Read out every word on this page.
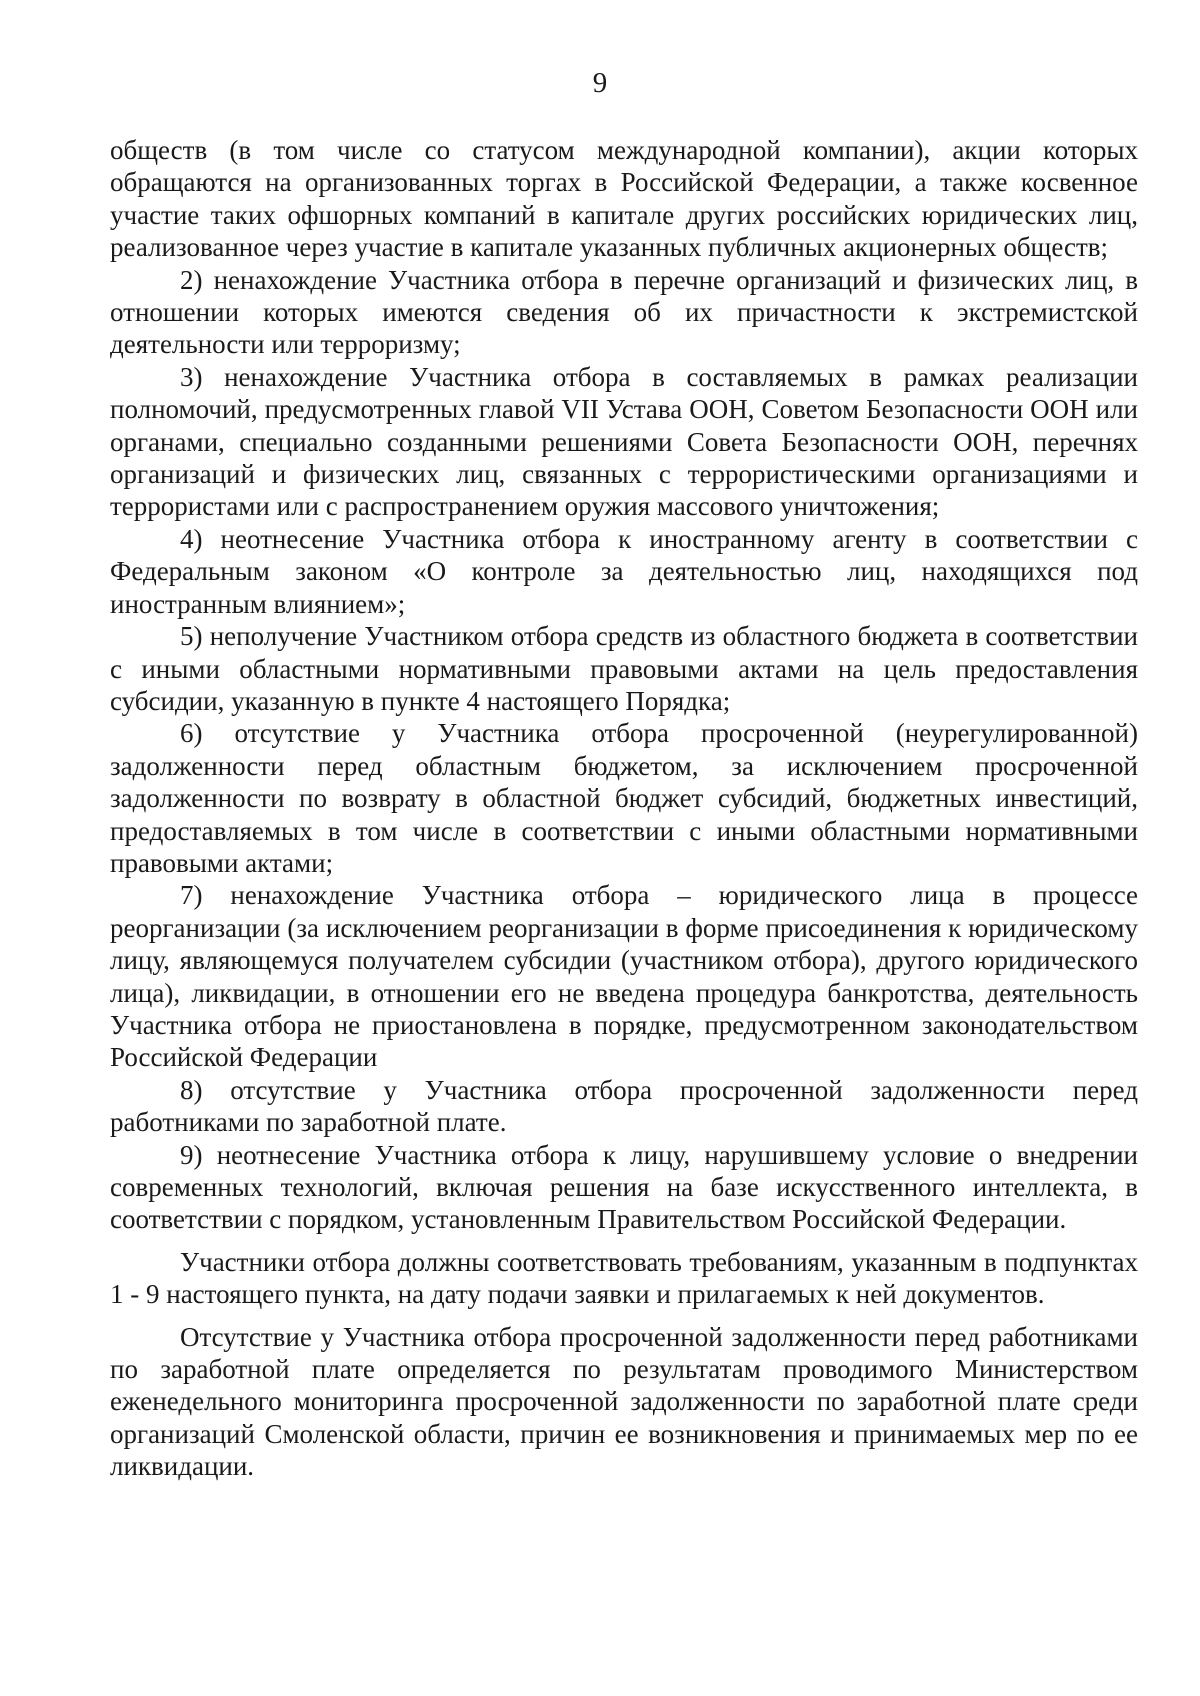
9

обществ (в том числе со статусом международной компании), акции которых обращаются на организованных торгах в Российской Федерации, а также косвенное участие таких офшорных компаний в капитале других российских юридических лиц, реализованное через участие в капитале указанных публичных акционерных обществ;

2) ненахождение Участника отбора в перечне организаций и физических лиц, в отношении которых имеются сведения об их причастности к экстремистской деятельности или терроризму;

3) ненахождение Участника отбора в составляемых в рамках реализации полномочий, предусмотренных главой VII Устава ООН, Советом Безопасности ООН или органами, специально созданными решениями Совета Безопасности ООН, перечнях организаций и физических лиц, связанных с террористическими организациями и террористами или с распространением оружия массового уничтожения;

4) неотнесение Участника отбора к иностранному агенту в соответствии с Федеральным законом «О контроле за деятельностью лиц, находящихся под иностранным влиянием»;

5) неполучение Участником отбора средств из областного бюджета в соответствии с иными областными нормативными правовыми актами на цель предоставления субсидии, указанную в пункте 4 настоящего Порядка;

6) отсутствие у Участника отбора просроченной (неурегулированной) задолженности перед областным бюджетом, за исключением просроченной задолженности по возврату в областной бюджет субсидий, бюджетных инвестиций, предоставляемых в том числе в соответствии с иными областными нормативными правовыми актами;

7) ненахождение Участника отбора – юридического лица в процессе реорганизации (за исключением реорганизации в форме присоединения к юридическому лицу, являющемуся получателем субсидии (участником отбора), другого юридического лица), ликвидации, в отношении его не введена процедура банкротства, деятельность Участника отбора не приостановлена в порядке, предусмотренном законодательством Российской Федерации

8) отсутствие у Участника отбора просроченной задолженности перед работниками по заработной плате.

9) неотнесение Участника отбора к лицу, нарушившему условие о внедрении современных технологий, включая решения на базе искусственного интеллекта, в соответствии с порядком, установленным Правительством Российской Федерации.

Участники отбора должны соответствовать требованиям, указанным в подпунктах 1 - 9 настоящего пункта, на дату подачи заявки и прилагаемых к ней документов.

Отсутствие у Участника отбора просроченной задолженности перед работниками по заработной плате определяется по результатам проводимого Министерством еженедельного мониторинга просроченной задолженности по заработной плате среди организаций Смоленской области, причин ее возникновения и принимаемых мер по ее ликвидации.
